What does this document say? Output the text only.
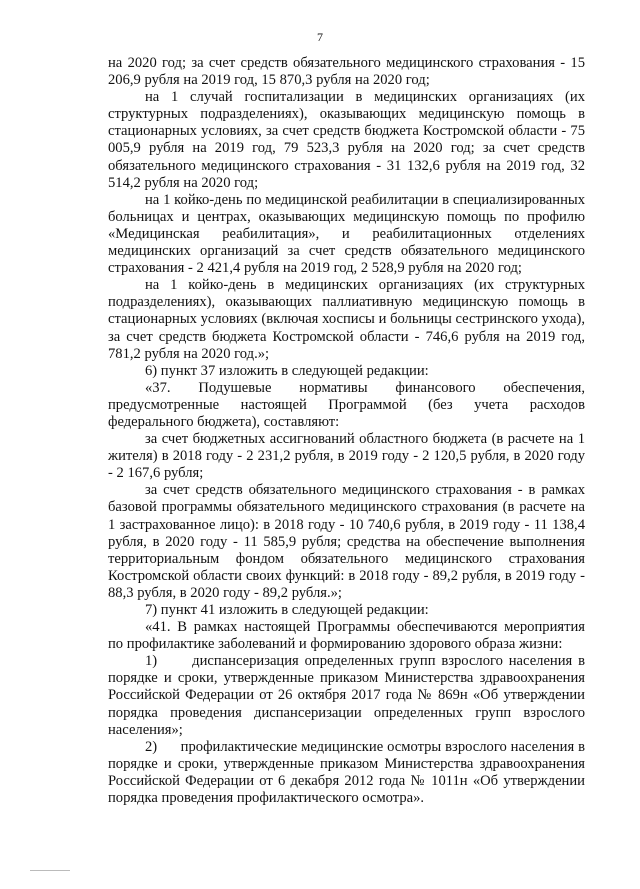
7

на 2020 год; за счет средств обязательного медицинского страхования - 15 206,9 рубля на 2019 год, 15 870,3 рубля на 2020 год;

на 1 случай госпитализации в медицинских организациях (их структурных подразделениях), оказывающих медицинскую помощь в стационарных условиях, за счет средств бюджета Костромской области - 75 005,9 рубля на 2019 год, 79 523,3 рубля на 2020 год; за счет средств обязательного медицинского страхования - 31 132,6 рубля на 2019 год, 32 514,2 рубля на 2020 год;

на 1 койко-день по медицинской реабилитации в специализированных больницах и центрах, оказывающих медицинскую помощь по профилю «Медицинская реабилитация», и реабилитационных отделениях медицинских организаций за счет средств обязательного медицинского страхования - 2 421,4 рубля на 2019 год, 2 528,9 рубля на 2020 год;

на 1 койко-день в медицинских организациях (их структурных подразделениях), оказывающих паллиативную медицинскую помощь в стационарных условиях (включая хосписы и больницы сестринского ухода), за счет средств бюджета Костромской области - 746,6 рубля на 2019 год, 781,2 рубля на 2020 год.»;

6) пункт 37 изложить в следующей редакции:

«37. Подушевые нормативы финансового обеспечения, предусмотренные настоящей Программой (без учета расходов федерального бюджета), составляют:

за счет бюджетных ассигнований областного бюджета (в расчете на 1 жителя) в 2018 году - 2 231,2 рубля, в 2019 году - 2 120,5 рубля, в 2020 году - 2 167,6 рубля;

за счет средств обязательного медицинского страхования - в рамках базовой программы обязательного медицинского страхования (в расчете на 1 застрахованное лицо): в 2018 году - 10 740,6 рубля, в 2019 году - 11 138,4 рубля, в 2020 году - 11 585,9 рубля; средства на обеспечение выполнения территориальным фондом обязательного медицинского страхования Костромской области своих функций: в 2018 году - 89,2 рубля, в 2019 году - 88,3 рубля, в 2020 году - 89,2 рубля.»;

7) пункт 41 изложить в следующей редакции:

«41. В рамках настоящей Программы обеспечиваются мероприятия по профилактике заболеваний и формированию здорового образа жизни:

1)      диспансеризация определенных групп взрослого населения в порядке и сроки, утвержденные приказом Министерства здравоохранения Российской Федерации от 26 октября 2017 года № 869н «Об утверждении порядка проведения диспансеризации определенных групп взрослого населения»;

2)      профилактические медицинские осмотры взрослого населения в порядке и сроки, утвержденные приказом Министерства здравоохранения Российской Федерации от 6 декабря 2012 года № 1011н «Об утверждении порядка проведения профилактического осмотра».
